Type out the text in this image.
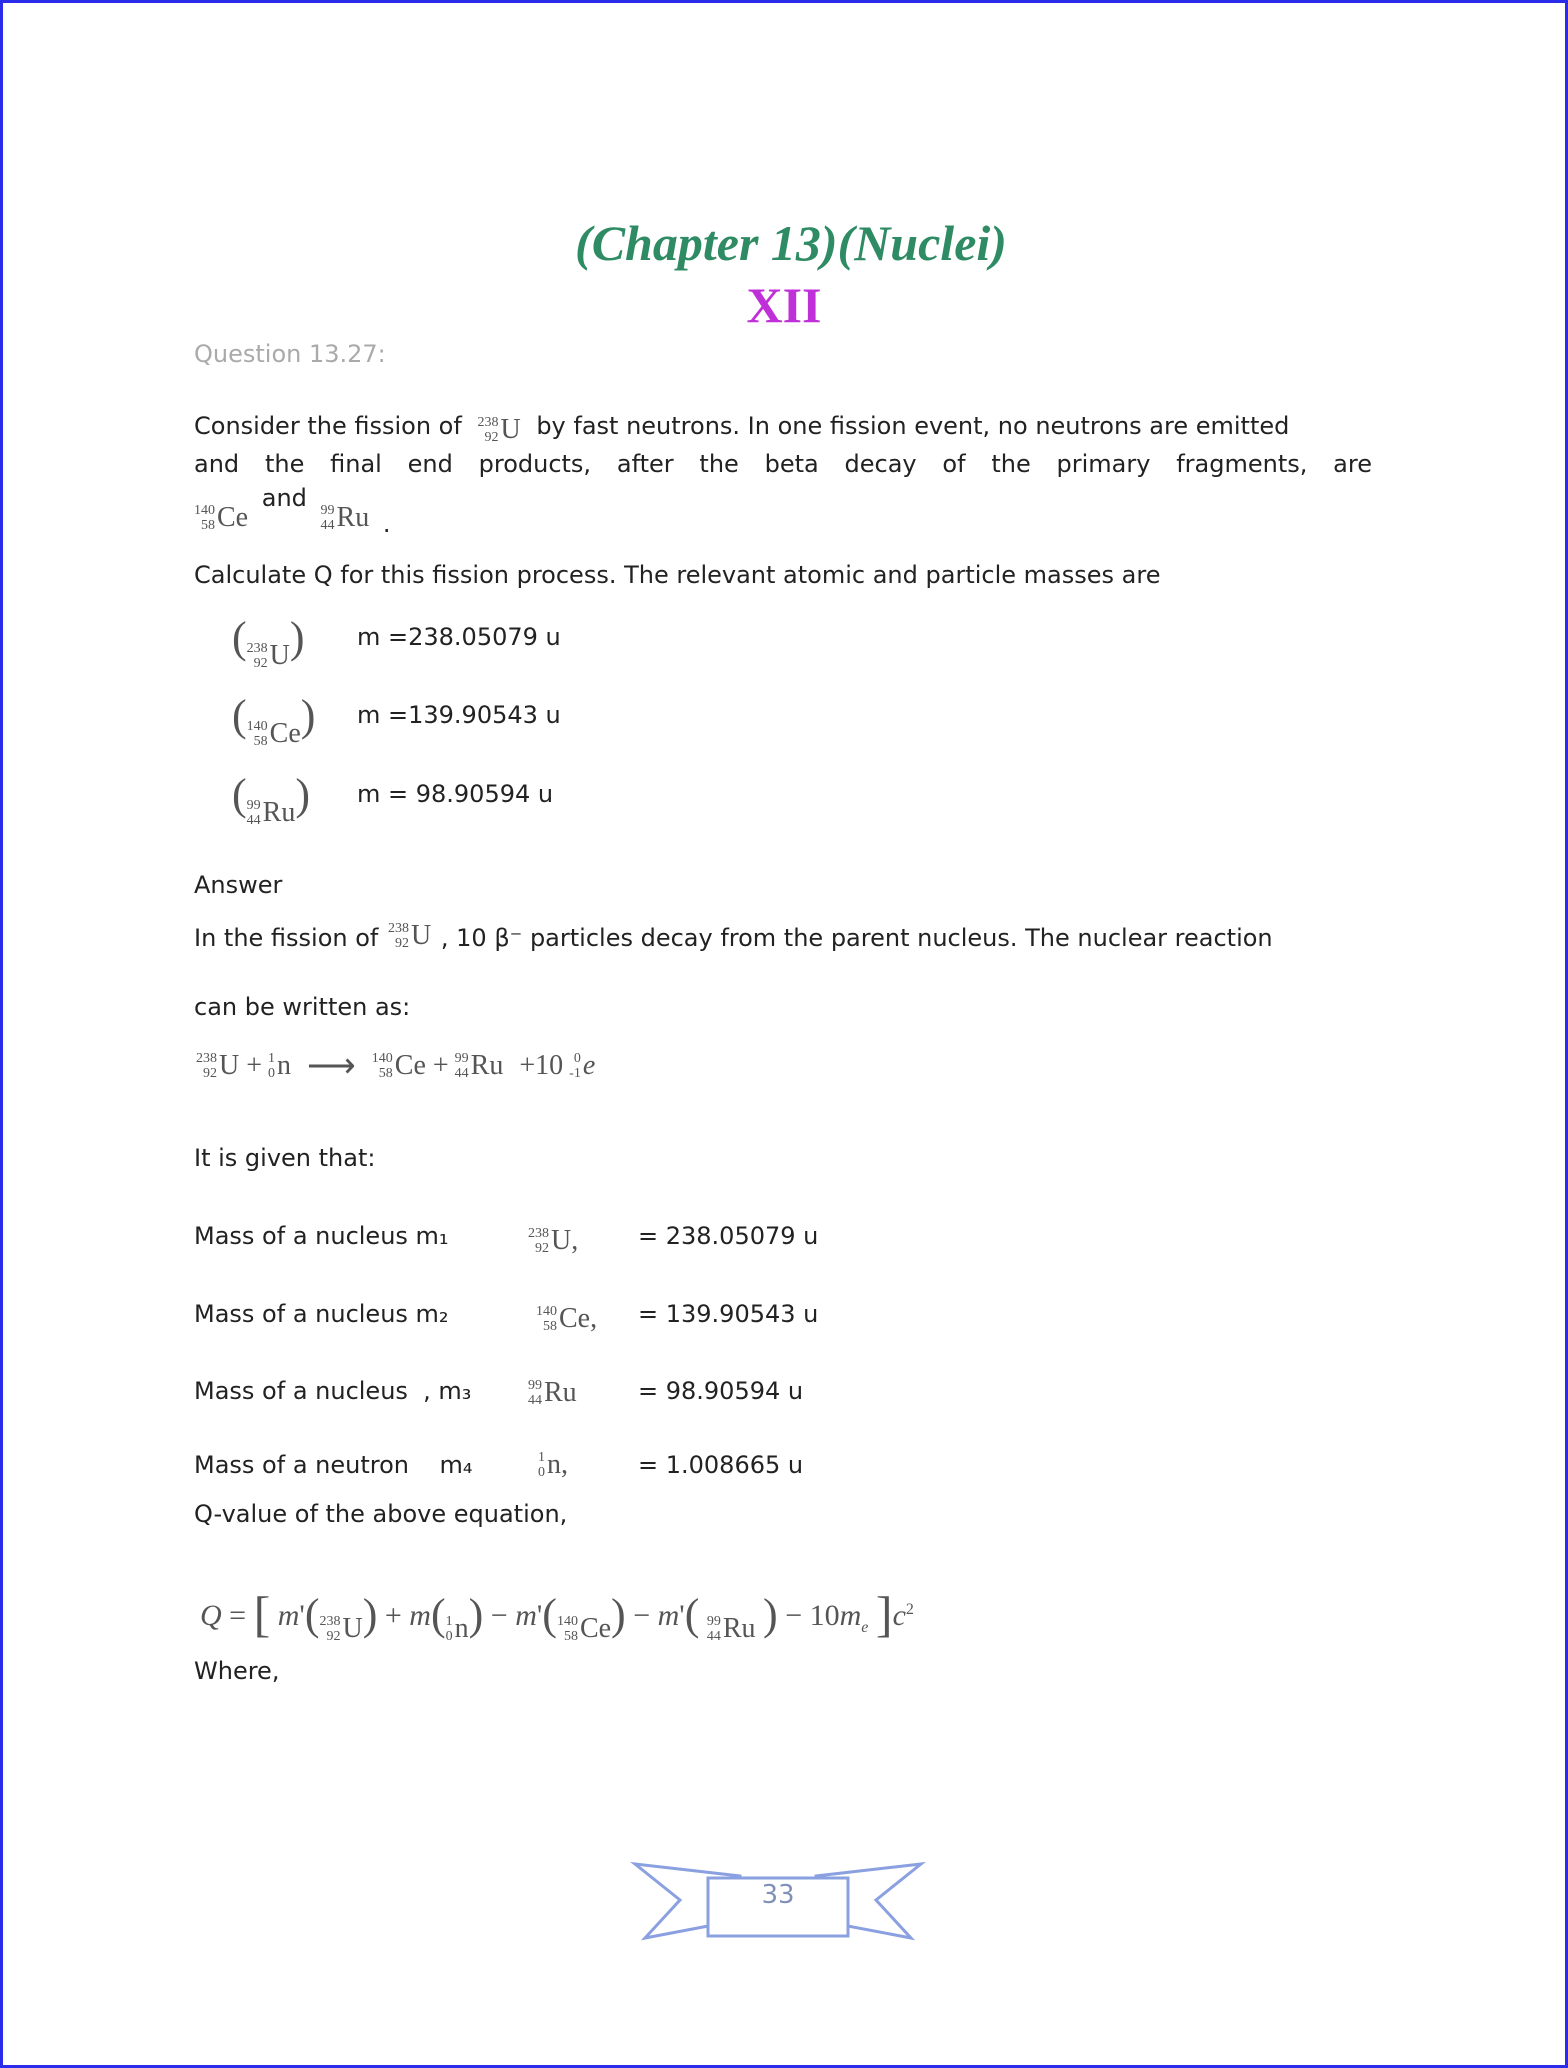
(Chapter 13)(Nuclei)
XII
Question 13.27:
Consider the fission of 238
92 U by fast neutrons. In one fission event, no neutrons are emitted
and the final end products, after the beta decay of the primary fragments, are
140
58 Ce
and 99
44 Ru .
Calculate Q for this fission process. The relevant atomic and particle masses are
( 238
92 U ) m =238.05079 u
( 140
58 Ce ) m =139.90543 u
( 99
44 Ru ) m = 98.90594 u
Answer
In the fission of 238
92 U , 10 β⁻ particles decay from the parent nucleus. The nuclear reaction
can be written as:
238
92 U + 1
0 n ⟶ 140
58 Ce + 99
44 Ru +10 0
-1 e
It is given that:
Mass of a nucleus m₁	238
92 U, = 238.05079 u
Mass of a nucleus m₂	140
58 Ce, = 139.90543 u
Mass of a nucleus  , m₃	99
44 Ru	= 98.90594 u
Mass of a neutron    m₄	1
0 n,	= 1.008665 u
Q-value of the above equation,
Q = [ m'( 238
92 U ) + m( 1
0 n ) − m'( 140
58 Ce ) − m'( 99
44 Ru ) − $10m_e$ ]$c^2$
Where,
33
